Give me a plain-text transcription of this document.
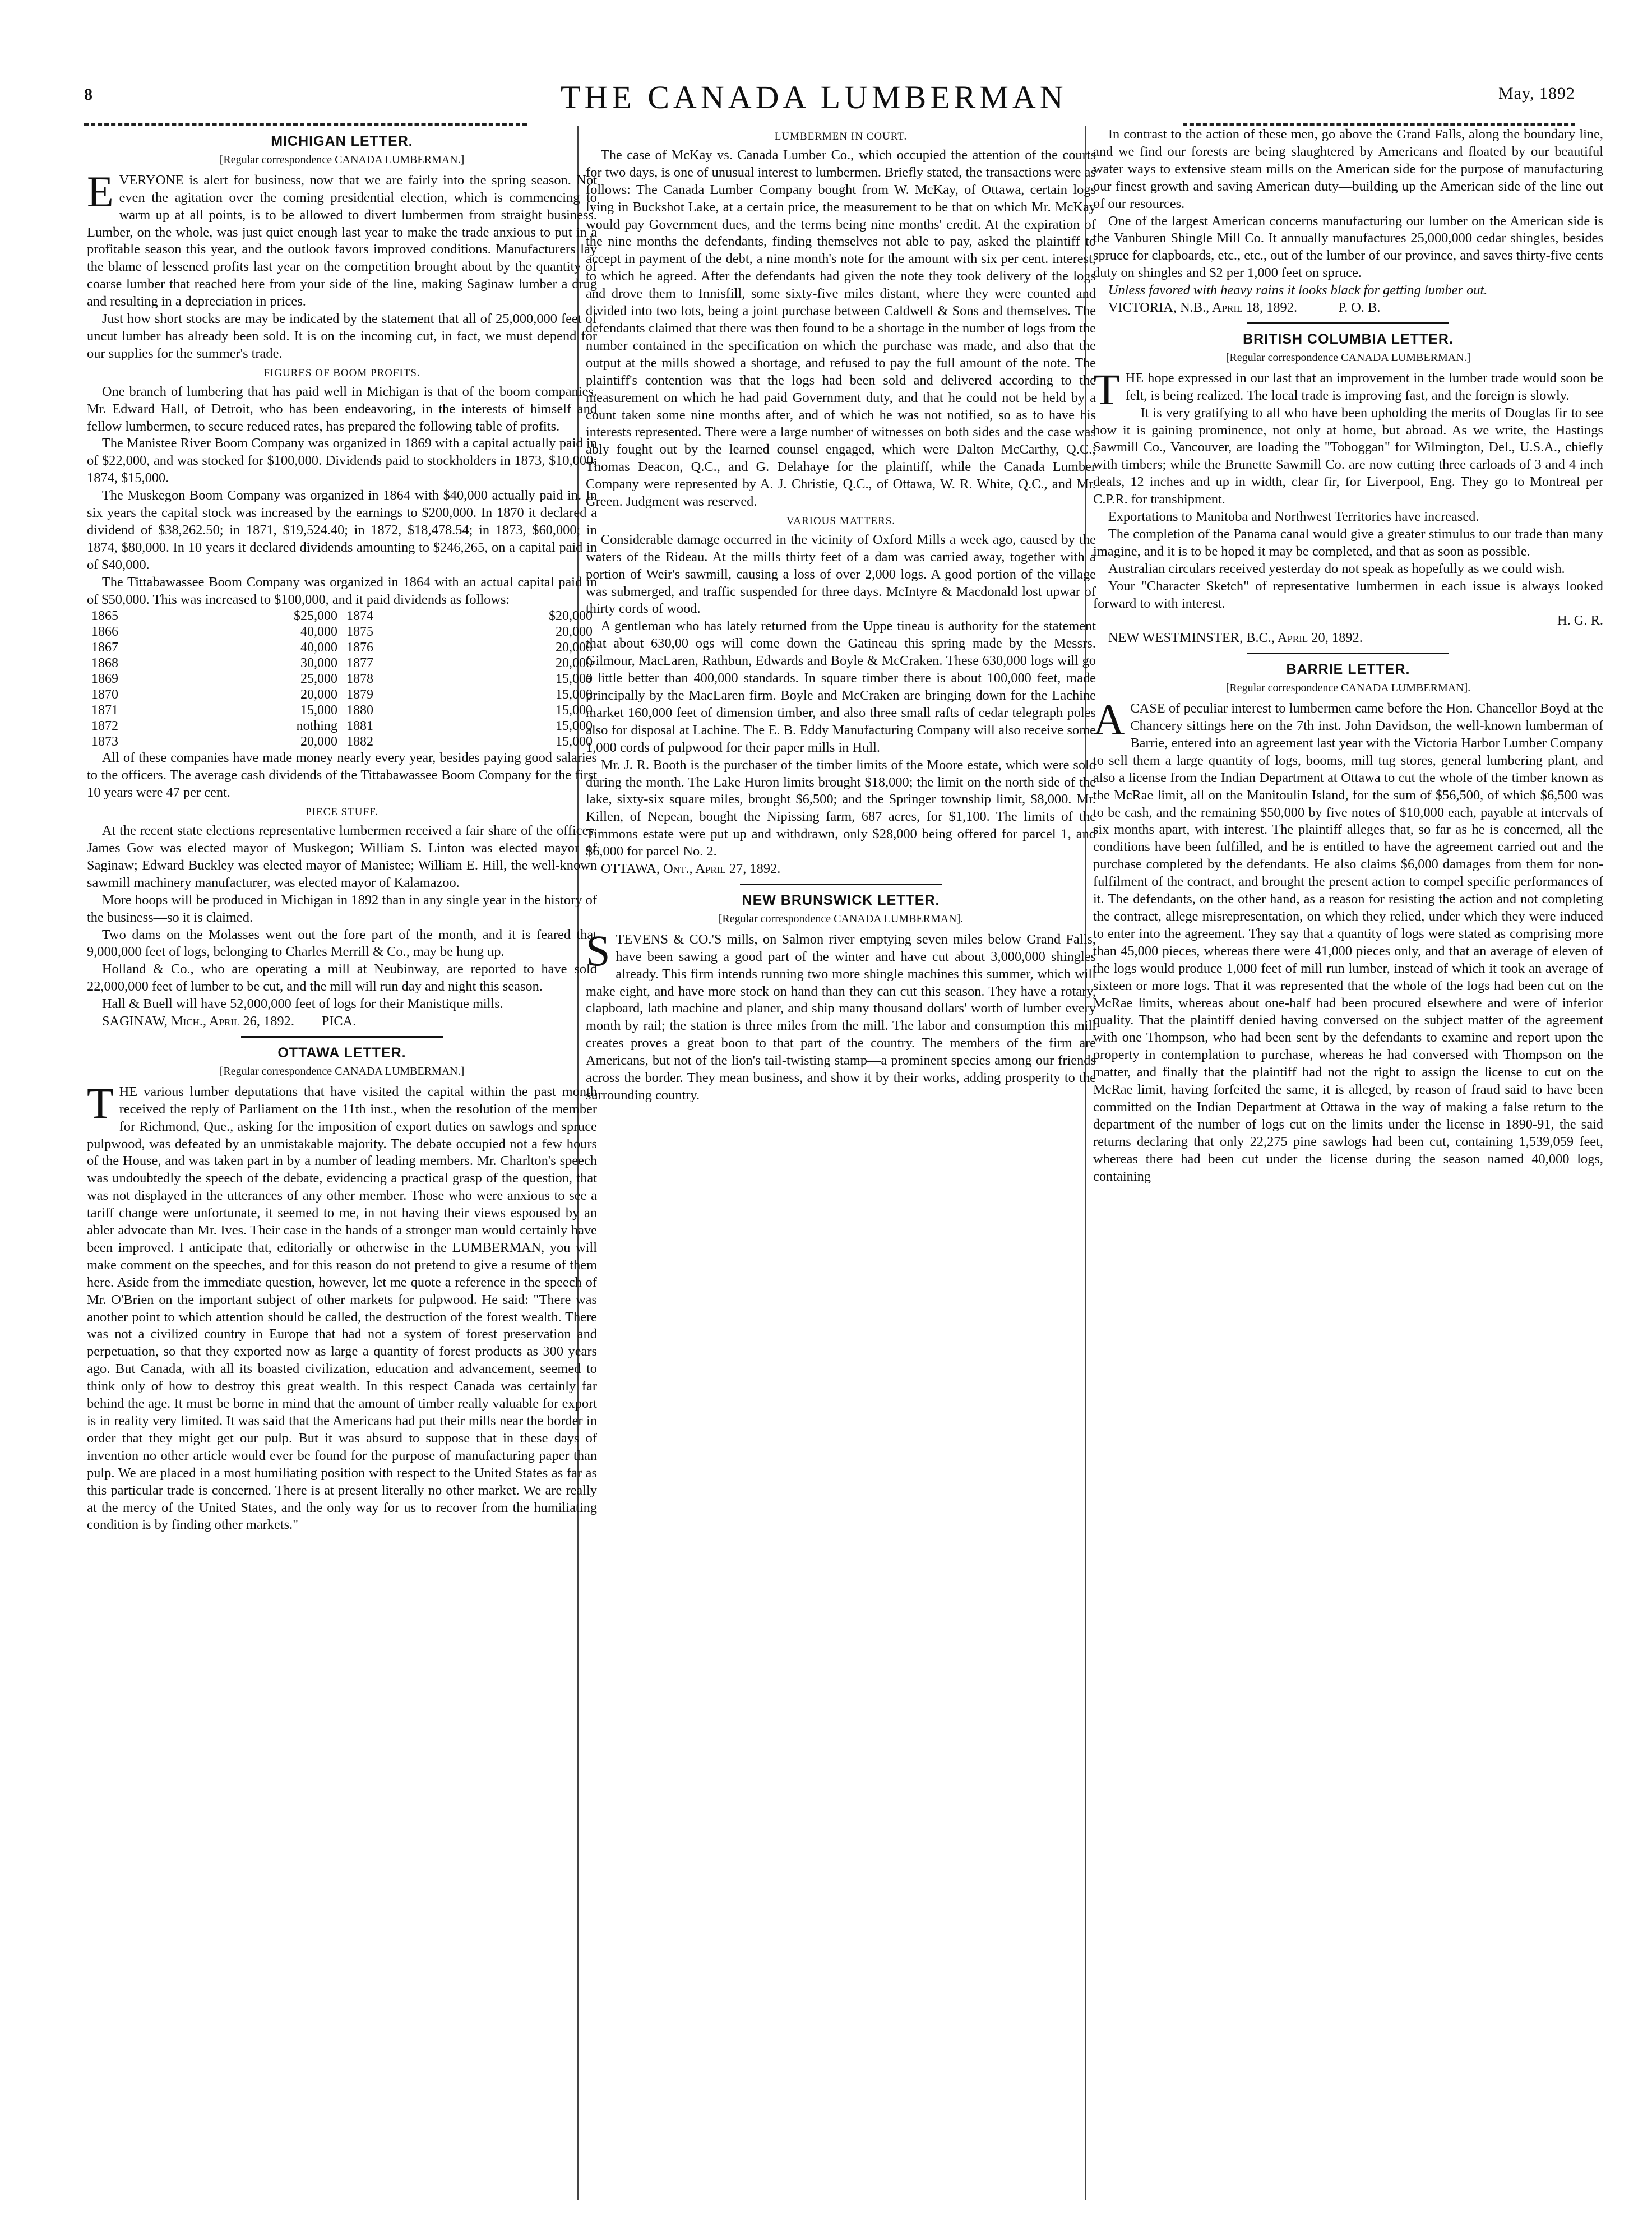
8	THE CANADA LUMBERMAN	May, 1892
MICHIGAN LETTER.
[Regular correspondence CANADA LUMBERMAN.]

EVERYONE is alert for business, now that we are fairly into the spring season. Not even the agitation over the coming presidential election, which is commencing to warm up at all points, is to be allowed to divert lumbermen from straight business. Lumber, on the whole, was just quiet enough last year to make the trade anxious to put in a profitable season this year, and the outlook favors improved conditions. Manufacturers lay the blame of lessened profits last year on the competition brought about by the quantity of coarse lumber that reached here from your side of the line, making Saginaw lumber a drug and resulting in a depreciation in prices.

Just how short stocks are may be indicated by the statement that all of 25,000,000 feet of uncut lumber has already been sold. It is on the incoming cut, in fact, we must depend for our supplies for the summer's trade.

FIGURES OF BOOM PROFITS.

One branch of lumbering that has paid well in Michigan is that of the boom companies. Mr. Edward Hall, of Detroit, who has been endeavoring, in the interests of himself and fellow lumbermen, to secure reduced rates, has prepared the following table of profits.

The Manistee River Boom Company was organized in 1869 with a capital actually paid in of $22,000, and was stocked for $100,000. Dividends paid to stockholders in 1873, $10,000; 1874, $15,000.

The Muskegon Boom Company was organized in 1864 with $40,000 actually paid in. In six years the capital stock was increased by the earnings to $200,000. In 1870 it declared a dividend of $38,262.50; in 1871, $19,524.40; in 1872, $18,478.54; in 1873, $60,000; in 1874, $80,000. In 10 years it declared dividends amounting to $246,265, on a capital paid in of $40,000.

The Tittabawassee Boom Company was organized in 1864 with an actual capital paid in of $50,000. This was increased to $100,000, and it paid dividends as follows:

1865	$25,000	1874	$20,000
1866	40,000	1875	20,000
1867	40,000	1876	20,000
1868	30,000	1877	20,000
1869	25,000	1878	15,000
1870	20,000	1879	15,000
1871	15,000	1880	15,000
1872	nothing	1881	15,000
1873	20,000	1882	15,000

All of these companies have made money nearly every year, besides paying good salaries to the officers. The average cash dividends of the Tittabawassee Boom Company for the first 10 years were 47 per cent.

PIECE STUFF.

At the recent state elections representative lumbermen received a fair share of the offices. James Gow was elected mayor of Muskegon; William S. Linton was elected mayor of Saginaw; Edward Buckley was elected mayor of Manistee; William E. Hill, the well-known sawmill machinery manufacturer, was elected mayor of Kalamazoo.

More hoops will be produced in Michigan in 1892 than in any single year in the history of the business—so it is claimed.

Two dams on the Molasses went out the fore part of the month, and it is feared that 9,000,000 feet of logs, belonging to Charles Merrill & Co., may be hung up.

Holland & Co., who are operating a mill at Neubinway, are reported to have sold 22,000,000 feet of lumber to be cut, and the mill will run day and night this season.

Hall & Buell will have 52,000,000 feet of logs for their Manistique mills.

SAGINAW, Mich., April 26, 1892. PICA.

OTTAWA LETTER.
[Regular correspondence CANADA LUMBERMAN.]

THE various lumber deputations that have visited the capital within the past month received the reply of Parliament on the 11th inst., when the resolution of the member for Richmond, Que., asking for the imposition of export duties on sawlogs and spruce pulpwood, was defeated by an unmistakable majority. The debate occupied not a few hours of the House, and was taken part in by a number of leading members. Mr. Charlton's speech was undoubtedly the speech of the debate, evidencing a practical grasp of the question, that was not displayed in the utterances of any other member. Those who were anxious to see a tariff change were unfortunate, it seemed to me, in not having their views espoused by an abler advocate than Mr. Ives. Their case in the hands of a stronger man would certainly have been improved. I anticipate that, editorially or otherwise in the LUMBERMAN, you will make comment on the speeches, and for this reason do not pretend to give a resume of them here. Aside from the immediate question, however, let me quote a reference in the speech of Mr. O'Brien on the important subject of other markets for pulpwood. He said: "There was another point to which attention should be called, the destruction of the forest wealth. There was not a civilized country in Europe that had not a system of forest preservation and perpetuation, so that they exported now as large a quantity of forest products as 300 years ago. But Canada, with all its boasted civilization, education and advancement, seemed to think only of how to destroy this great wealth. In this respect Canada was certainly far behind the age. It must be borne in mind that the amount of timber really valuable for export is in reality very limited. It was said that the Americans had put their mills near the border in order that they might get our pulp. But it was absurd to suppose that in these days of invention no other article would ever be found for the purpose of manufacturing paper than pulp. We are placed in a most humiliating position with respect to the United States as far as this particular trade is concerned. There is at present literally no other market. We are really at the mercy of the United States, and the only way for us to recover from the humiliating condition is by finding other markets."

LUMBERMEN IN COURT.

The case of McKay vs. Canada Lumber Co., which occupied the attention of the courts for two days, is one of unusual interest to lumbermen. Briefly stated, the transactions were as follows: The Canada Lumber Company bought from W. McKay, of Ottawa, certain logs lying in Buckshot Lake, at a certain price, the measurement to be that on which Mr. McKay would pay Government dues, and the terms being nine months' credit. At the expiration of the nine months the defendants, finding themselves not able to pay, asked the plaintiff to accept in payment of the debt, a nine month's note for the amount with six per cent. interest, to which he agreed. After the defendants had given the note they took delivery of the logs and drove them to Innisfill, some sixty-five miles distant, where they were counted and divided into two lots, being a joint purchase between Caldwell & Sons and themselves. The defendants claimed that there was then found to be a shortage in the number of logs from the number contained in the specification on which the purchase was made, and also that the output at the mills showed a shortage, and refused to pay the full amount of the note. The plaintiff's contention was that the logs had been sold and delivered according to the measurement on which he had paid Government duty, and that he could not be held by a count taken some nine months after, and of which he was not notified, so as to have his interests represented. There were a large number of witnesses on both sides and the case was ably fought out by the learned counsel engaged, which were Dalton McCarthy, Q.C.; Thomas Deacon, Q.C., and G. Delahaye for the plaintiff, while the Canada Lumber Company were represented by A. J. Christie, Q.C., of Ottawa, W. R. White, Q.C., and Mr. Green. Judgment was reserved.

VARIOUS MATTERS.

Considerable damage occurred in the vicinity of Oxford Mills a week ago, caused by the waters of the Rideau. At the mills thirty feet of a dam was carried away, together with a portion of Weir's sawmill, causing a loss of over 2,000 logs. A good portion of the village was submerged, and traffic suspended for three days. McIntyre & Macdonald lost upwar of thirty cords of wood.

A gentleman who has lately returned from the Uppe tineau is authority for the statement that about 630,00 ogs will come down the Gatineau this spring made by the Messrs. Gilmour, MacLaren, Rathbun, Edwards and Boyle & McCraken. These 630,000 logs will go a little better than 400,000 standards. In square timber there is about 100,000 feet, made principally by the MacLaren firm. Boyle and McCraken are bringing down for the Lachine market 160,000 feet of dimension timber, and also three small rafts of cedar telegraph poles also for disposal at Lachine. The E. B. Eddy Manufacturing Company will also receive some 1,000 cords of pulpwood for their paper mills in Hull.

Mr. J. R. Booth is the purchaser of the timber limits of the Moore estate, which were sold during the month. The Lake Huron limits brought $18,000; the limit on the north side of the lake, sixty-six square miles, brought $6,500; and the Springer township limit, $8,000. Mr. Killen, of Nepean, bought the Nipissing farm, 687 acres, for $1,100. The limits of the Timmons estate were put up and withdrawn, only $28,000 being offered for parcel 1, and $6,000 for parcel No. 2.

OTTAWA, Ont., April 27, 1892.

NEW BRUNSWICK LETTER.
[Regular correspondence CANADA LUMBERMAN].

STEVENS & CO.'S mills, on Salmon river emptying seven miles below Grand Falls, have been sawing a good part of the winter and have cut about 3,000,000 shingles already. This firm intends running two more shingle machines this summer, which will make eight, and have more stock on hand than they can cut this season. They have a rotary, clapboard, lath machine and planer, and ship many thousand dollars' worth of lumber every month by rail; the station is three miles from the mill. The labor and consumption this mill creates proves a great boon to that part of the country. The members of the firm are Americans, but not of the lion's tail-twisting stamp—a prominent species among our friends across the border. They mean business, and show it by their works, adding prosperity to the surrounding country.

In contrast to the action of these men, go above the Grand Falls, along the boundary line, and we find our forests are being slaughtered by Americans and floated by our beautiful water ways to extensive steam mills on the American side for the purpose of manufacturing our finest growth and saving American duty—building up the American side of the line out of our resources.

One of the largest American concerns manufacturing our lumber on the American side is the Vanburen Shingle Mill Co. It annually manufactures 25,000,000 cedar shingles, besides spruce for clapboards, etc., etc., out of the lumber of our province, and saves thirty-five cents duty on shingles and $2 per 1,000 feet on spruce.

Unless favored with heavy rains it looks black for getting lumber out.

VICTORIA, N.B., April 18, 1892.	P. O. B.

BRITISH COLUMBIA LETTER.
[Regular correspondence CANADA LUMBERMAN.]

THE hope expressed in our last that an improvement in the lumber trade would soon be felt, is being realized. The local trade is improving fast, and the foreign is slowly.

It is very gratifying to all who have been upholding the merits of Douglas fir to see how it is gaining prominence, not only at home, but abroad. As we write, the Hastings Sawmill Co., Vancouver, are loading the "Toboggan" for Wilmington, Del., U.S.A., chiefly with timbers; while the Brunette Sawmill Co. are now cutting three carloads of 3 and 4 inch deals, 12 inches and up in width, clear fir, for Liverpool, Eng. They go to Montreal per C.P.R. for transhipment.

Exportations to Manitoba and Northwest Territories have increased.

The completion of the Panama canal would give a greater stimulus to our trade than many imagine, and it is to be hoped it may be completed, and that as soon as possible.

Australian circulars received yesterday do not speak as hopefully as we could wish.

Your "Character Sketch" of representative lumbermen in each issue is always looked forward to with interest.

H. G. R.

NEW WESTMINSTER, B.C., April 20, 1892.

BARRIE LETTER.
[Regular correspondence CANADA LUMBERMAN].

ACASE of peculiar interest to lumbermen came before the Hon. Chancellor Boyd at the Chancery sittings here on the 7th inst. John Davidson, the well-known lumberman of Barrie, entered into an agreement last year with the Victoria Harbor Lumber Company to sell them a large quantity of logs, booms, mill tug stores, general lumbering plant, and also a license from the Indian Department at Ottawa to cut the whole of the timber known as the McRae limit, all on the Manitoulin Island, for the sum of $56,500, of which $6,500 was to be cash, and the remaining $50,000 by five notes of $10,000 each, payable at intervals of six months apart, with interest. The plaintiff alleges that, so far as he is concerned, all the conditions have been fulfilled, and he is entitled to have the agreement carried out and the purchase completed by the defendants. He also claims $6,000 damages from them for non-fulfilment of the contract, and brought the present action to compel specific performances of it. The defendants, on the other hand, as a reason for resisting the action and not completing the contract, allege misrepresentation, on which they relied, under which they were induced to enter into the agreement. They say that a quantity of logs were stated as comprising more than 45,000 pieces, whereas there were 41,000 pieces only, and that an average of eleven of the logs would produce 1,000 feet of mill run lumber, instead of which it took an average of sixteen or more logs. That it was represented that the whole of the logs had been cut on the McRae limits, whereas about one-half had been procured elsewhere and were of inferior quality. That the plaintiff denied having conversed on the subject matter of the agreement with one Thompson, who had been sent by the defendants to examine and report upon the property in contemplation to purchase, whereas he had conversed with Thompson on the matter, and finally that the plaintiff had not the right to assign the license to cut on the McRae limit, having forfeited the same, it is alleged, by reason of fraud said to have been committed on the Indian Department at Ottawa in the way of making a false return to the department of the number of logs cut on the limits under the license in 1890-91, the said returns declaring that only 22,275 pine sawlogs had been cut, containing 1,539,059 feet, whereas there had been cut under the license during the season named 40,000 logs, containing
